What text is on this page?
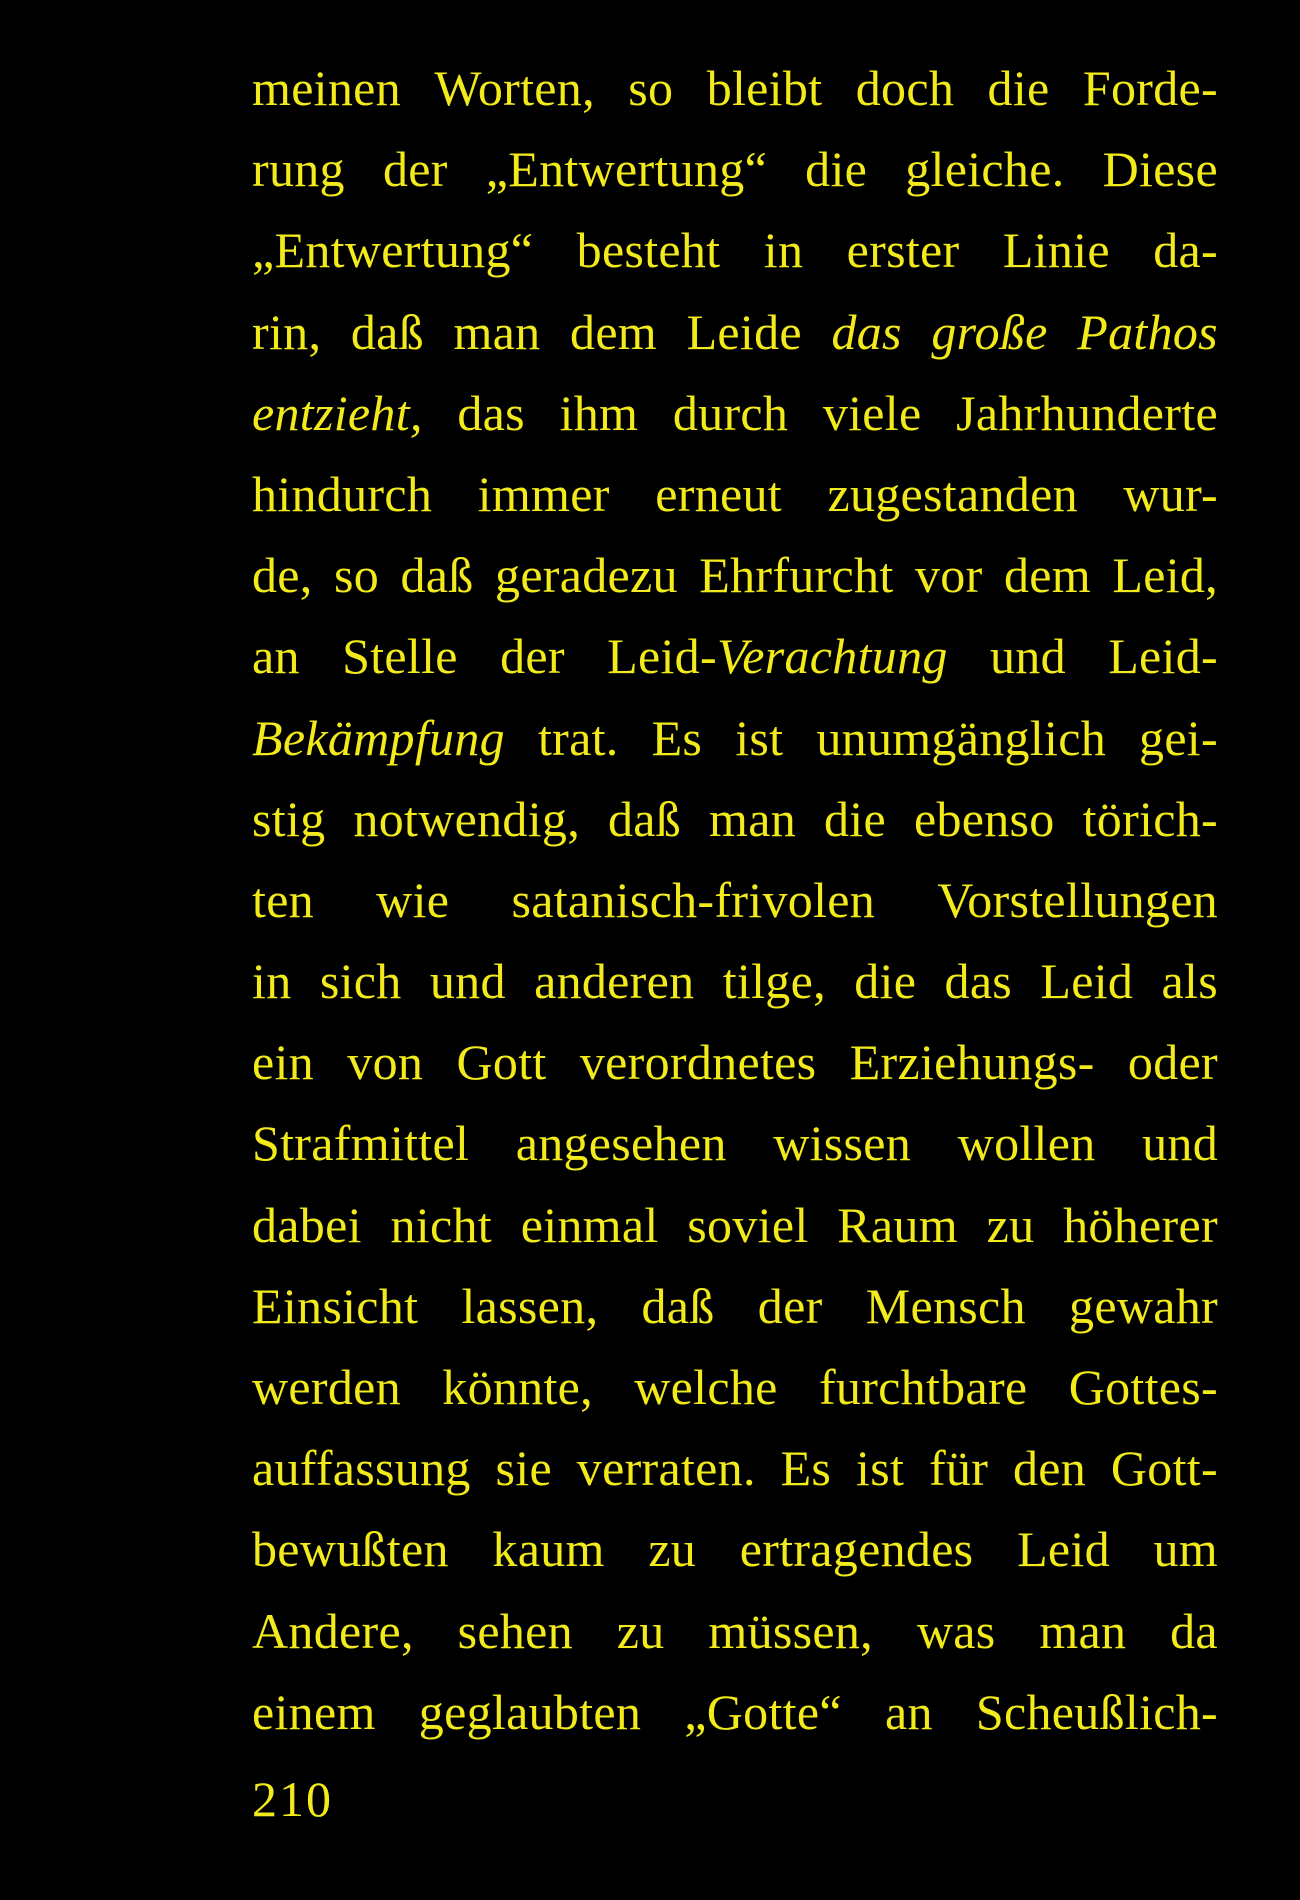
meinen Worten, so bleibt doch die Forde-
rung der „Entwertung“ die gleiche. Diese
„Entwertung“ besteht in erster Linie da-
rin, daß man dem Leide das große Pathos
entzieht, das ihm durch viele Jahrhunderte
hindurch immer erneut zugestanden wur-
de, so daß geradezu Ehrfurcht vor dem Leid,
an Stelle der Leid-Verachtung und Leid-
Bekämpfung trat. Es ist unumgänglich gei-
stig notwendig, daß man die ebenso törich-
ten wie satanisch-frivolen Vorstellungen
in sich und anderen tilge, die das Leid als
ein von Gott verordnetes Erziehungs- oder
Strafmittel angesehen wissen wollen und
dabei nicht einmal soviel Raum zu höherer
Einsicht lassen, daß der Mensch gewahr
werden könnte, welche furchtbare Gottes-
auffassung sie verraten. Es ist für den Gott-
bewußten kaum zu ertragendes Leid um
Andere, sehen zu müssen, was man da
einem geglaubten „Gotte“ an Scheußlich-
210
